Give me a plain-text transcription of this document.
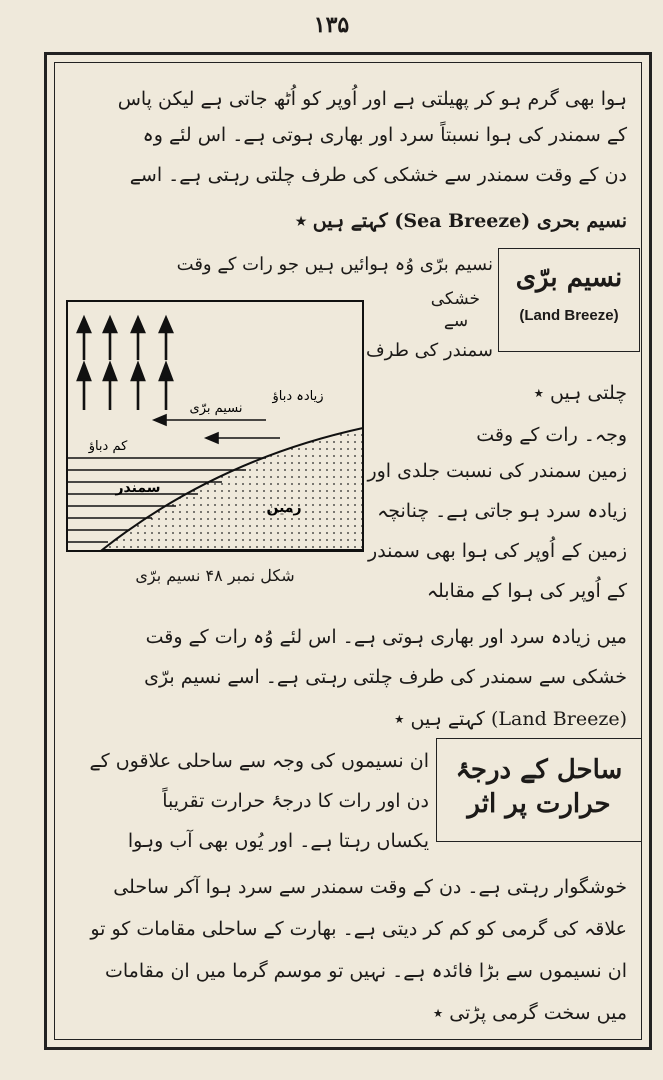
۱۳۵
ہوا بھی گرم ہو کر پھیلتی ہے اور اُوپر کو اُٹھ جاتی ہے لیکن پاس
کے سمندر کی ہوا نسبتاً سرد اور بھاری ہوتی ہے۔ اس لئے وہ
دن کے وقت سمندر سے خشکی کی طرف چلتی رہتی ہے۔ اسے
نسیم بحری (Sea Breeze) کہتے ہیں ٭
نسیم برّی
(Land Breeze)
نسیم برّی وُہ ہوائیں ہیں جو رات کے وقت
خشکی سے
سمندر کی طرف
زیادہ دباؤ
نسیم برّی
کم دباؤ
سمندر
زمین
شکل نمبر ۴۸ نسیم برّی
چلتی ہیں ٭
وجہ۔ رات کے وقت
زمین سمندر کی نسبت جلدی اور
زیادہ سرد ہو جاتی ہے۔ چنانچہ
زمین کے اُوپر کی ہوا بھی سمندر
کے اُوپر کی ہوا کے مقابلہ
میں زیادہ سرد اور بھاری ہوتی ہے۔ اس لئے وُہ رات کے وقت
خشکی سے سمندر کی طرف چلتی رہتی ہے۔ اسے نسیم برّی
(Land Breeze) کہتے ہیں ٭
ساحل کے درجۂ
حرارت پر اثر
ان نسیموں کی وجہ سے ساحلی علاقوں کے
دن اور رات کا درجۂ حرارت تقریباً
یکساں رہتا ہے۔ اور یُوں بھی آب وہوا
خوشگوار رہتی ہے۔ دن کے وقت سمندر سے سرد ہوا آکر ساحلی
علاقہ کی گرمی کو کم کر دیتی ہے۔ بھارت کے ساحلی مقامات کو تو
ان نسیموں سے بڑا فائدہ ہے۔ نہیں تو موسم گرما میں ان مقامات
میں سخت گرمی پڑتی ٭
